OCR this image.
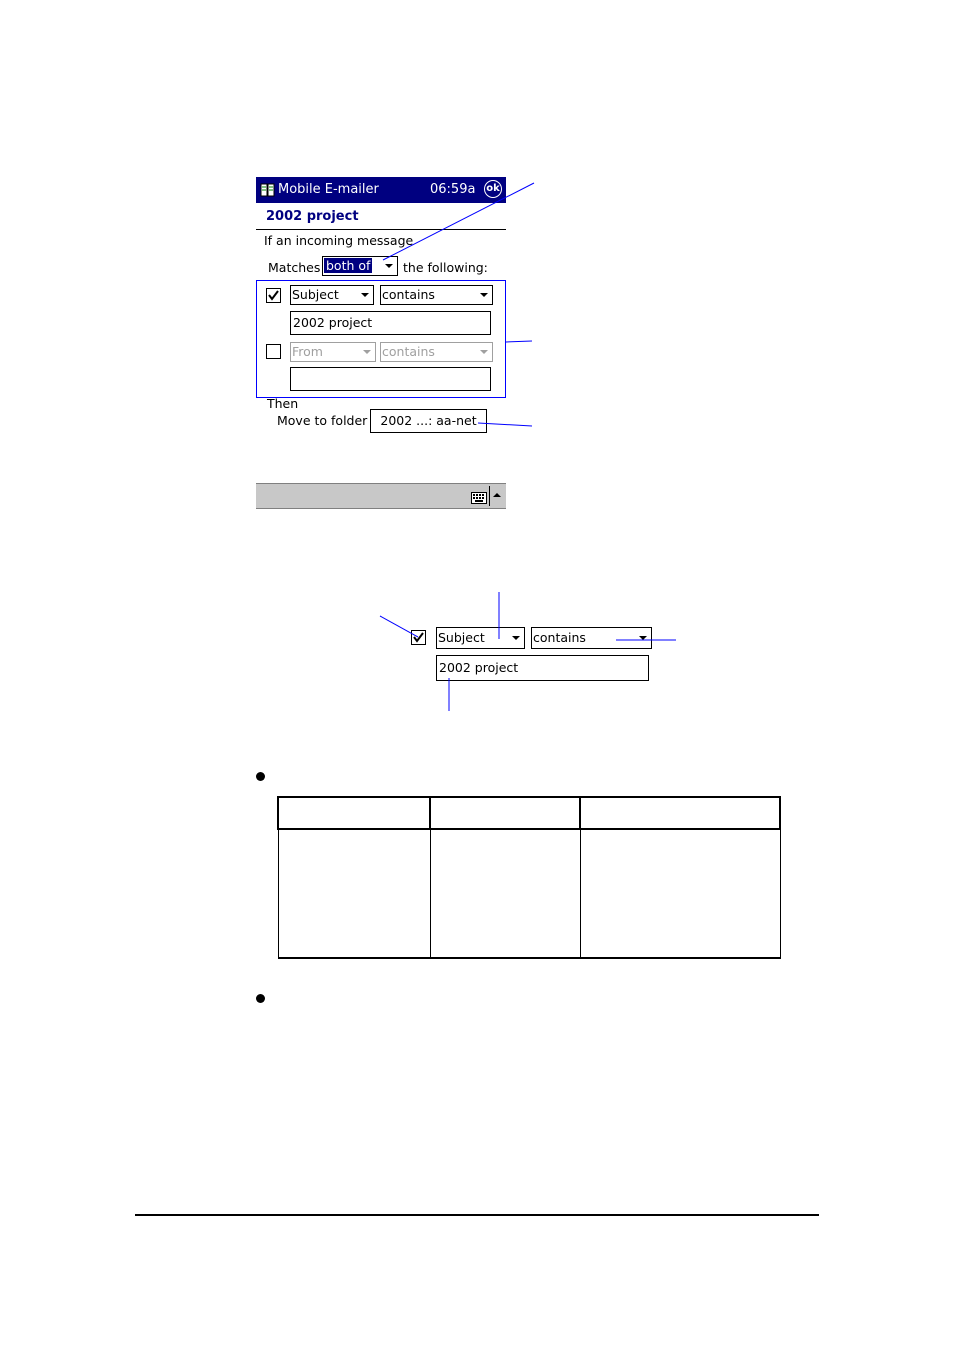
Mobile E-mailer	06:59a ok
2002 project
If an incoming message
Matches both of	the following:
Subject	contains
2002 project
From	contains
Then
Move to folder	2002 ...: aa-net
Subject	contains
2002 project
